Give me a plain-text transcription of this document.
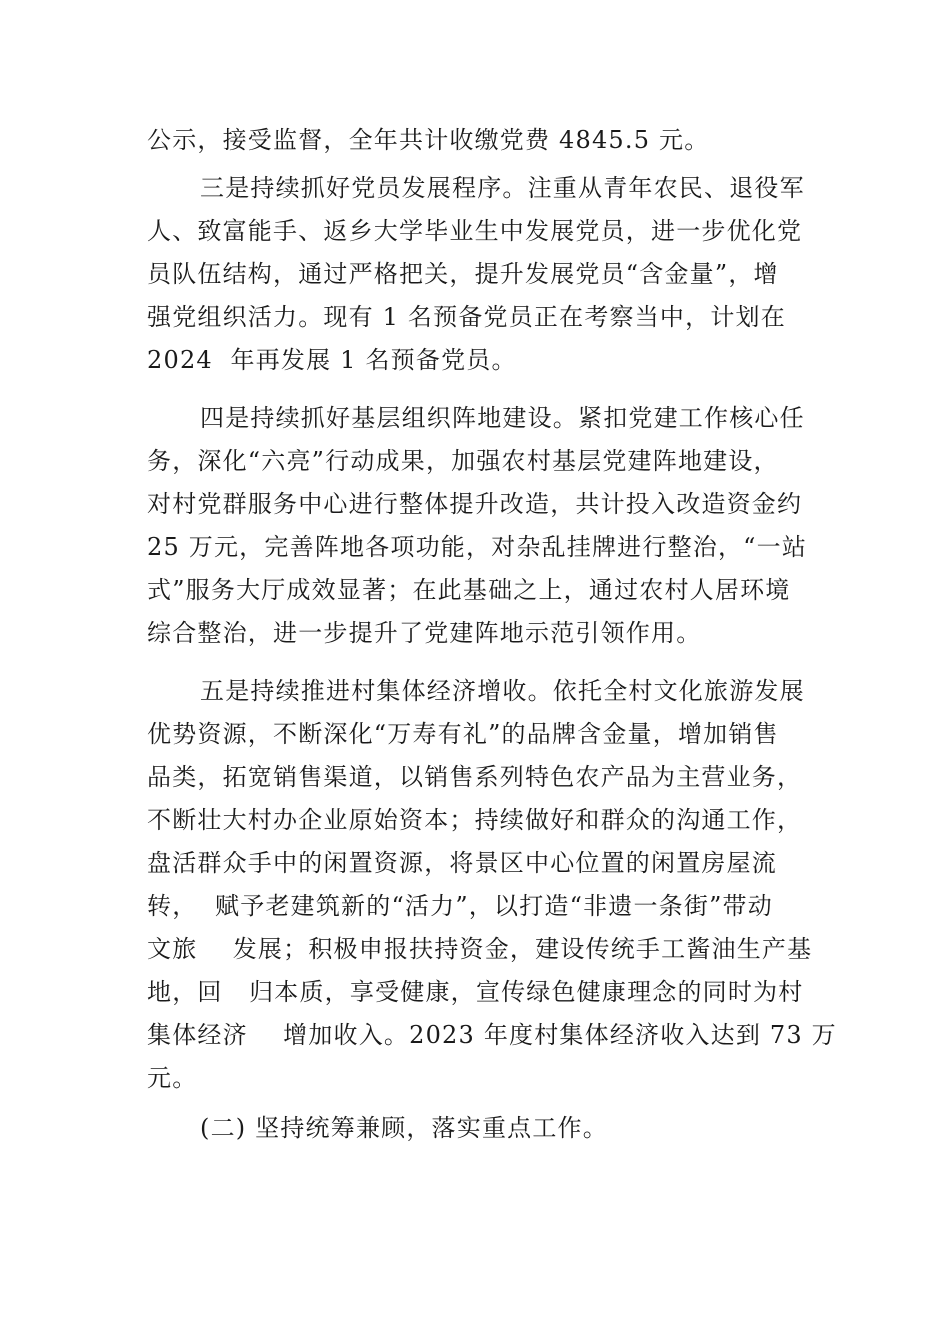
公示，接受监督，全年共计收缴党费 4845.5 元。
三是持续抓好党员发展程序。注重从青年农民、退役军
人、致富能手、返乡大学毕业生中发展党员，进一步优化党
员队伍结构，通过严格把关，提升发展党员“含金量”，增
强党组织活力。现有 1 名预备党员正在考察当中，计划在
2024  年再发展 1 名预备党员。
四是持续抓好基层组织阵地建设。紧扣党建工作核心任
务，深化“六亮”行动成果，加强农村基层党建阵地建设，
对村党群服务中心进行整体提升改造，共计投入改造资金约
25 万元，完善阵地各项功能，对杂乱挂牌进行整治，“一站
式”服务大厅成效显著；在此基础之上，通过农村人居环境
综合整治，进一步提升了党建阵地示范引领作用。
五是持续推进村集体经济增收。依托全村文化旅游发展
优势资源，不断深化“万寿有礼”的品牌含金量，增加销售
品类，拓宽销售渠道，以销售系列特色农产品为主营业务，
不断壮大村办企业原始资本；持续做好和群众的沟通工作，
盘活群众手中的闲置资源，将景区中心位置的闲置房屋流
转，  赋予老建筑新的“活力”，以打造“非遗一条街”带动
文旅    发展；积极申报扶持资金，建设传统手工酱油生产基
地，回   归本质，享受健康，宣传绿色健康理念的同时为村
集体经济    增加收入。2023 年度村集体经济收入达到 73 万
元。
(二) 坚持统筹兼顾，落实重点工作。
